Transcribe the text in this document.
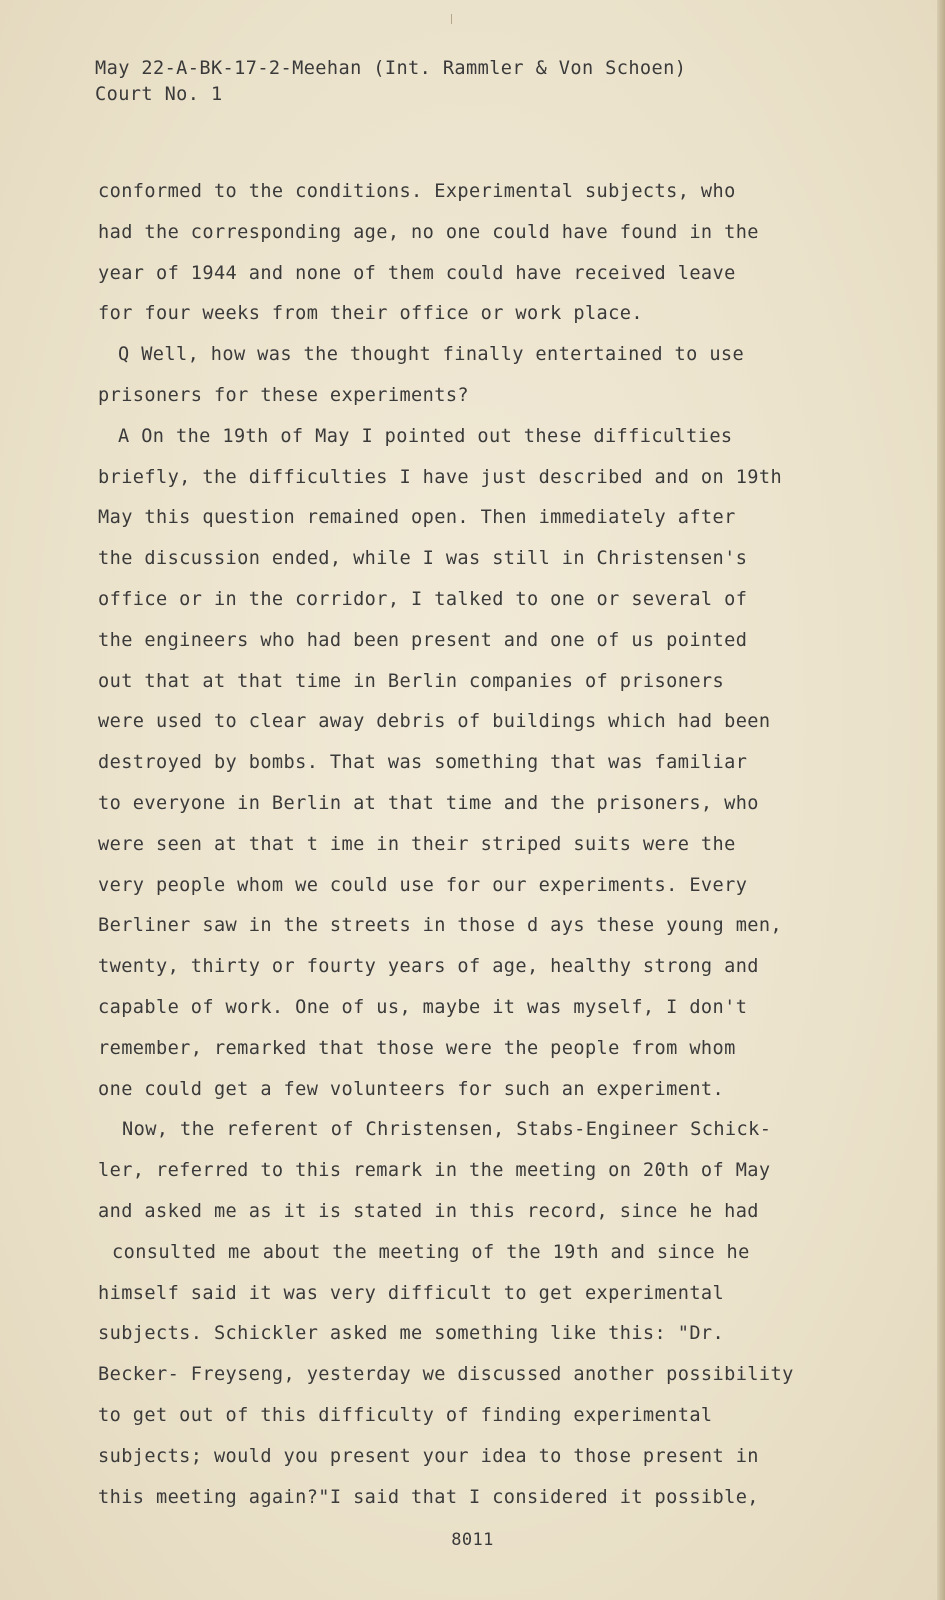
May 22-A-BK-17-2-Meehan (Int. Rammler & Von Schoen)
Court No. 1
conformed to the conditions. Experimental subjects, who
had the corresponding age, no one could have found in the
year of 1944 and none of them could have received leave
for four weeks from their office or work place.
Q Well, how was the thought finally entertained to use
prisoners for these experiments?
A On the 19th of May I pointed out these difficulties
briefly, the difficulties I have just described and on 19th
May this question remained open. Then immediately after
the discussion ended, while I was still in Christensen's
office or in the corridor, I talked to one or several of
the engineers who had been present and one of us pointed
out that at that time in Berlin companies of prisoners
were used to clear away debris of buildings which had been
destroyed by bombs. That was something that was familiar
to everyone in Berlin at that time and the prisoners, who
were seen at that t ime in their striped suits were the
very people whom we could use for our experiments. Every
Berliner saw in the streets in those d ays these young men,
twenty, thirty or fourty years of age, healthy strong and
capable of work. One of us, maybe it was myself, I don't
remember, remarked that those were the people from whom
one could get a few volunteers for such an experiment.
Now, the referent of Christensen, Stabs-Engineer Schick-
ler, referred to this remark in the meeting on 20th of May
and asked me as it is stated in this record, since he had
consulted me about the meeting of the 19th and since he
himself said it was very difficult to get experimental
subjects. Schickler asked me something like this: "Dr.
Becker- Freyseng, yesterday we discussed another possibility
to get out of this difficulty of finding experimental
subjects; would you present your idea to those present in
this meeting again?"I said that I considered it possible,
8011
